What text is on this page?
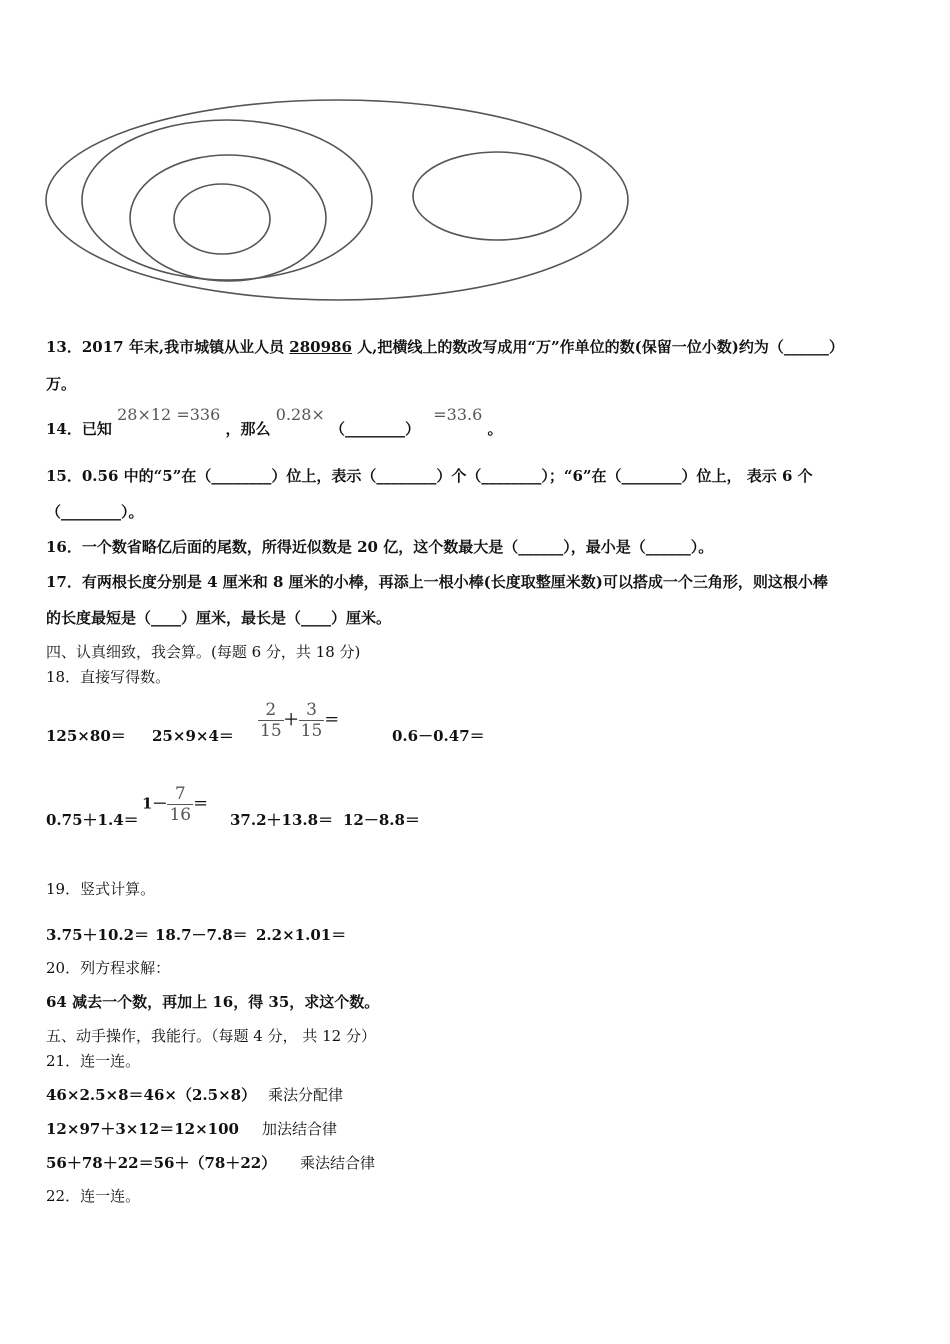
13．2017 年末,我市城镇从业人员 280986 人,把横线上的数改写成用“万”作单位的数(保留一位小数)约为（______）
万。
14．已知 28×12 =336 ，那么 0.28× （________） =33.6 。
15．0.56 中的“5”在（________）位上，表示（________）个（________）；“6”在（________）位上， 表示 6 个
（________）。
16．一个数省略亿后面的尾数，所得近似数是 20 亿，这个数最大是（______），最小是（______）。
17．有两根长度分别是 4 厘米和 8 厘米的小棒，再添上一根小棒(长度取整厘米数)可以搭成一个三角形，则这根小棒
的长度最短是（____）厘米，最长是（____）厘米。
四、认真细致，我会算。(每题 6 分，共 18 分)
18．直接写得数。
$125\times 80= 25\times 9\times 4= \frac{2}{15} + \frac{3}{15}$ ＝
0.6－0.47＝
0.75＋1.4＝
$1- \frac{7}{16}$ ＝
37.2＋13.8＝ 12－8.8＝
19．竖式计算。
3.75＋10.2＝ 18.7－7.8＝ 2.2×1.01＝
20．列方程求解：
64 减去一个数，再加上 16，得 35，求这个数。
五、动手操作，我能行。（每题 4 分， 共 12 分）
21．连一连。
46×2.5×8＝46×（2.5×8） 乘法分配律
12×97＋3×12＝12×100 加法结合律
56＋78＋22＝56＋（78＋22） 乘法结合律
22．连一连。
